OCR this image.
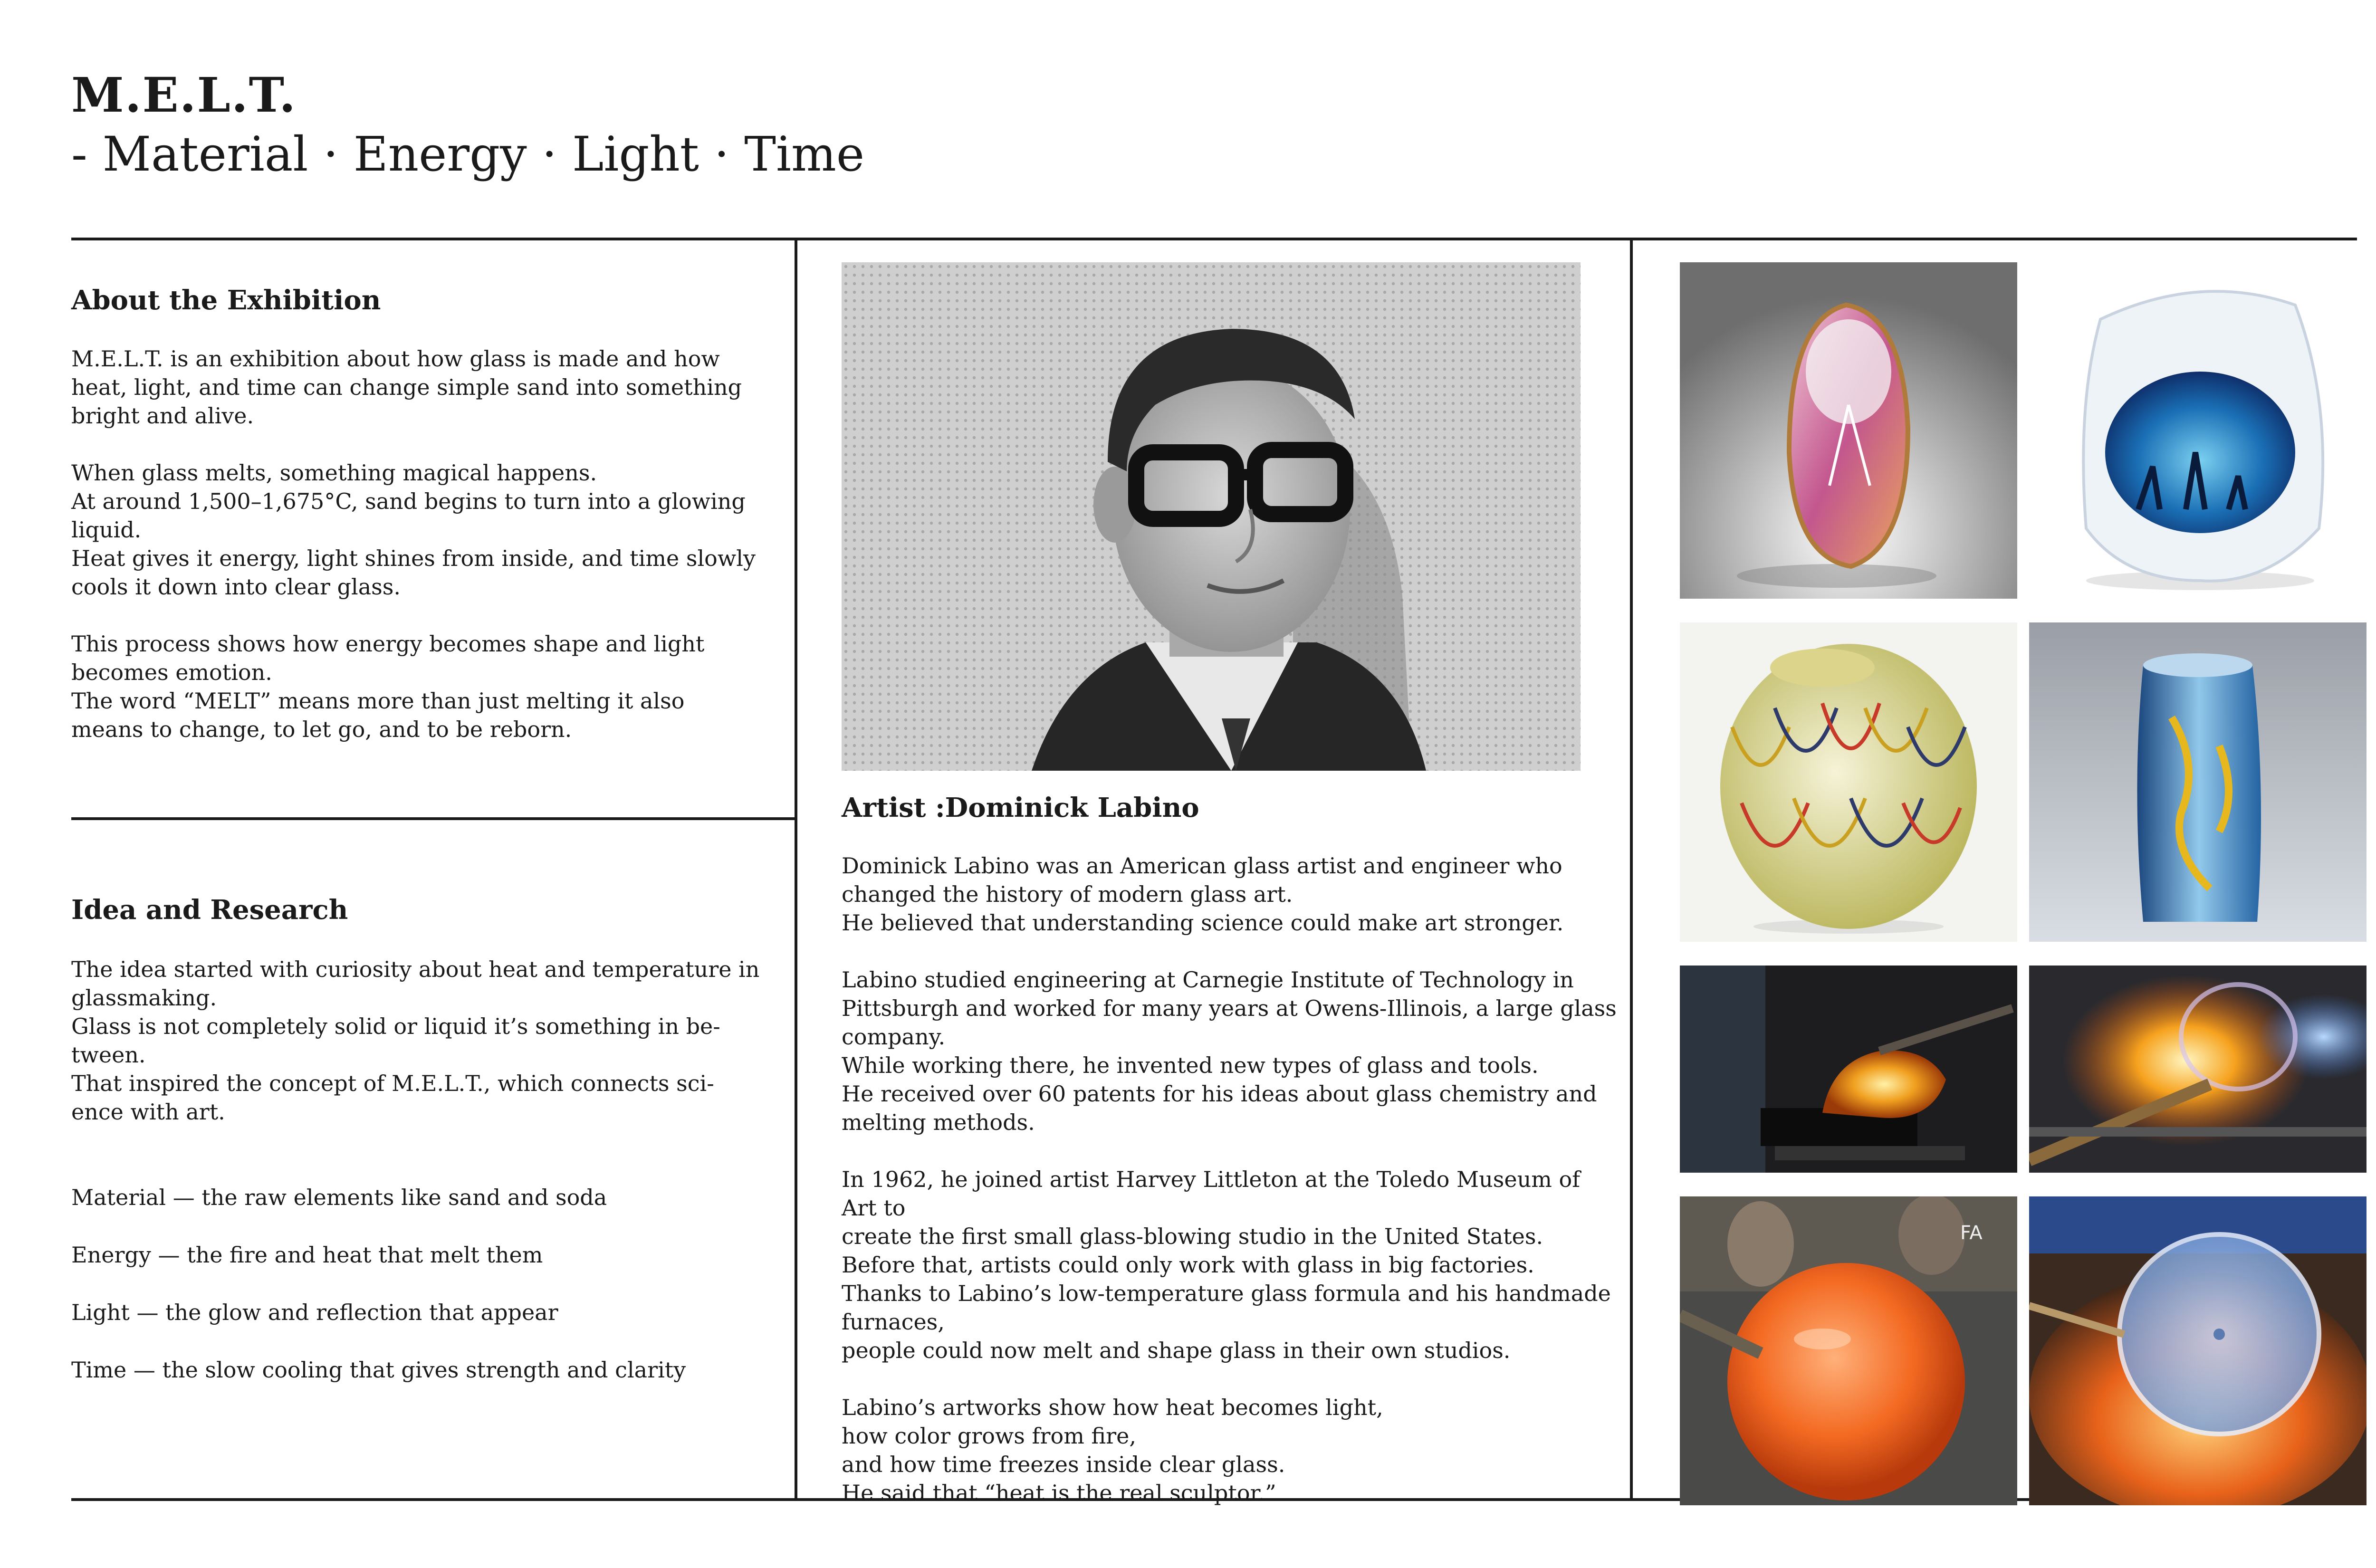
M.E.L.T.
- Material · Energy · Light · Time
About the Exhibition

M.E.L.T. is an exhibition about how glass is made and how
heat, light, and time can change simple sand into something
bright and alive.

When glass melts, something magical happens.
At around 1,500–1,675°C, sand begins to turn into a glowing
liquid.
Heat gives it energy, light shines from inside, and time slowly
cools it down into clear glass.

This process shows how energy becomes shape and light
becomes emotion.
The word “MELT” means more than just melting it also
means to change, to let go, and to be reborn.

Idea and Research

The idea started with curiosity about heat and temperature in
glassmaking.
Glass is not completely solid or liquid it’s something in be-
tween.
That inspired the concept of M.E.L.T., which connects sci-
ence with art.

Material — the raw elements like sand and soda
Energy — the fire and heat that melt them
Light — the glow and reflection that appear
Time — the slow cooling that gives strength and clarity
Artist :Dominick Labino

Dominick Labino was an American glass artist and engineer who
changed the history of modern glass art.
He believed that understanding science could make art stronger.

Labino studied engineering at Carnegie Institute of Technology in
Pittsburgh and worked for many years at Owens-Illinois, a large glass
company.
While working there, he invented new types of glass and tools.
He received over 60 patents for his ideas about glass chemistry and
melting methods.

In 1962, he joined artist Harvey Littleton at the Toledo Museum of Art to
create the first small glass-blowing studio in the United States.
Before that, artists could only work with glass in big factories.
Thanks to Labino’s low-temperature glass formula and his handmade
furnaces,
people could now melt and shape glass in their own studios.

Labino’s artworks show how heat becomes light,
how color grows from fire,
and how time freezes inside clear glass.
He said that “heat is the real sculptor.”

FA
